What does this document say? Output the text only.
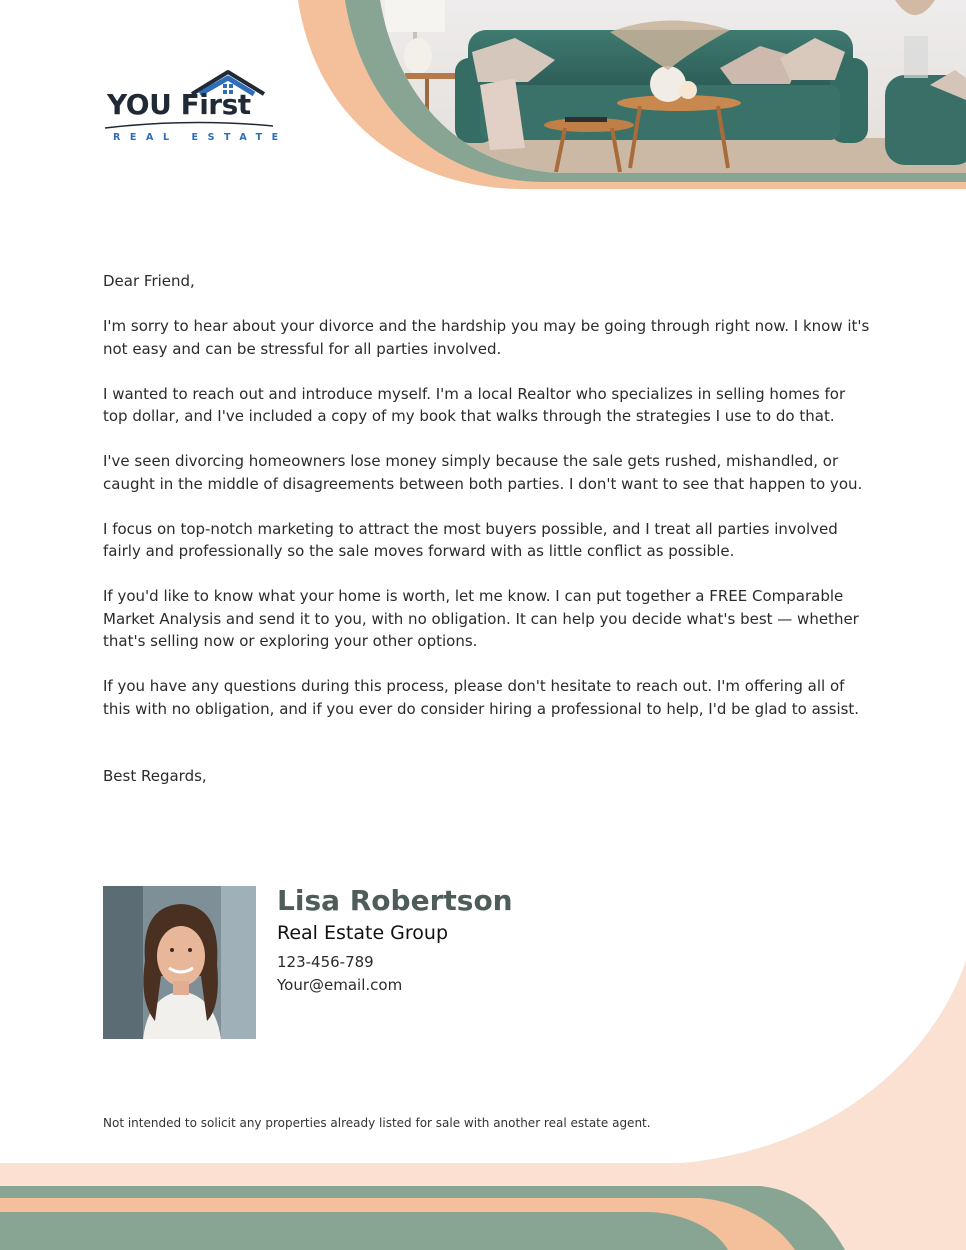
YOU First
REAL ESTATE

Dear Friend,

I'm sorry to hear about your divorce and the hardship you may be going through right now. I know it's not easy and can be stressful for all parties involved.

I wanted to reach out and introduce myself. I'm a local Realtor who specializes in selling homes for top dollar, and I've included a copy of my book that walks through the strategies I use to do that.

I've seen divorcing homeowners lose money simply because the sale gets rushed, mishandled, or caught in the middle of disagreements between both parties. I don't want to see that happen to you.

I focus on top-notch marketing to attract the most buyers possible, and I treat all parties involved fairly and professionally so the sale moves forward with as little conflict as possible.

If you'd like to know what your home is worth, let me know. I can put together a FREE Comparable Market Analysis and send it to you, with no obligation. It can help you decide what's best — whether that's selling now or exploring your other options.

If you have any questions during this process, please don't hesitate to reach out. I'm offering all of this with no obligation, and if you ever do consider hiring a professional to help, I'd be glad to assist.

Best Regards,

Lisa Robertson
Real Estate Group
123-456-789
Your@email.com
Not intended to solicit any properties already listed for sale with another real estate agent.
